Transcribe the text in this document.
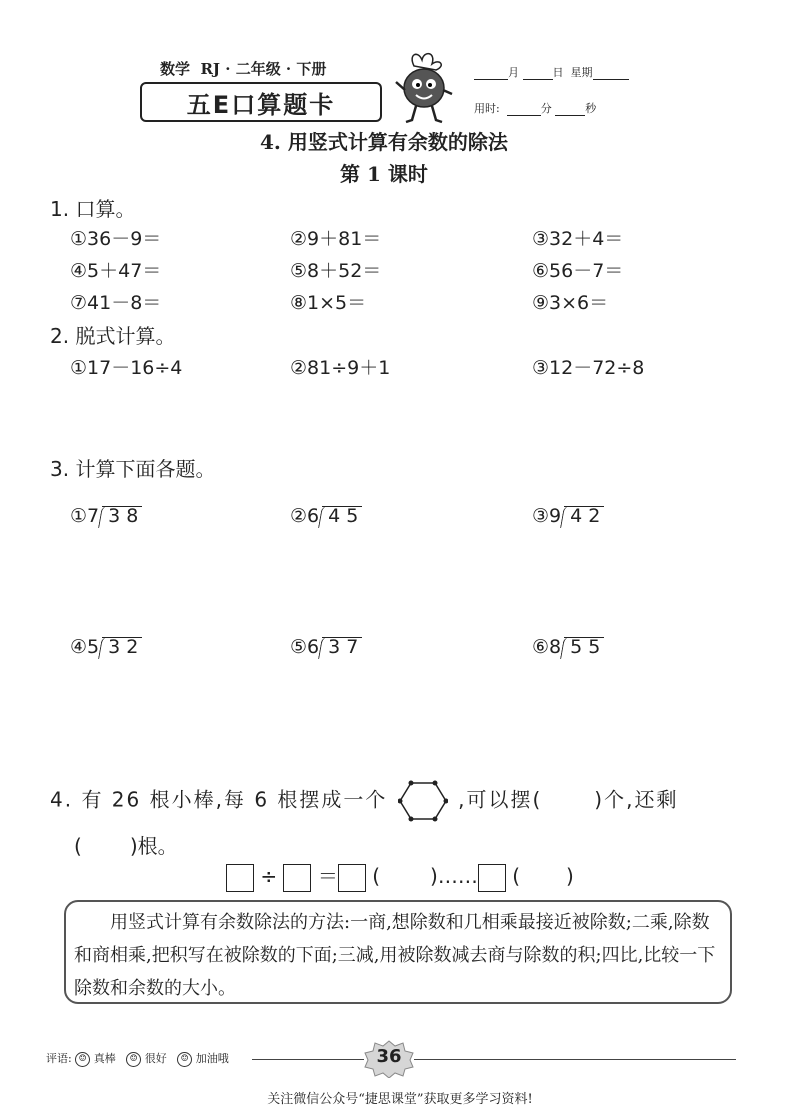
数学 RJ · 二年级 · 下册
五E口算题卡
月	日 星期
用时:	分	秒
4. 用竖式计算有余数的除法
第 1 课时
1. 口算。
①36－9＝	②9＋81＝	③32＋4＝
④5＋47＝	⑤8＋52＝	⑥56－7＝
⑦41－8＝	⑧1×5＝	⑨3×6＝
2. 脱式计算。
①17－16÷4	②81÷9＋1	③12－72÷8
3. 计算下面各题。
①7 3 8	②6 4 5	③9 4 2
④5 3 2	⑤6 3 7	⑥8 5 5
4. 有 26 根小棒,每 6 根摆成一个	,可以摆(	)个,还剩
( )根。
÷ ＝ (	)…… ( )
用竖式计算有余数除法的方法:一商,想除数和几相乘最接近被除数;二乘,除数和商相乘,把积写在被除数的下面;三减,用被除数减去商与除数的积;四比,比较一下除数和余数的大小。
评语: ☺ 真棒 ☺ 很好 ☺ 加油哦	36
关注微信公众号“捷思课堂”获取更多学习资料!
